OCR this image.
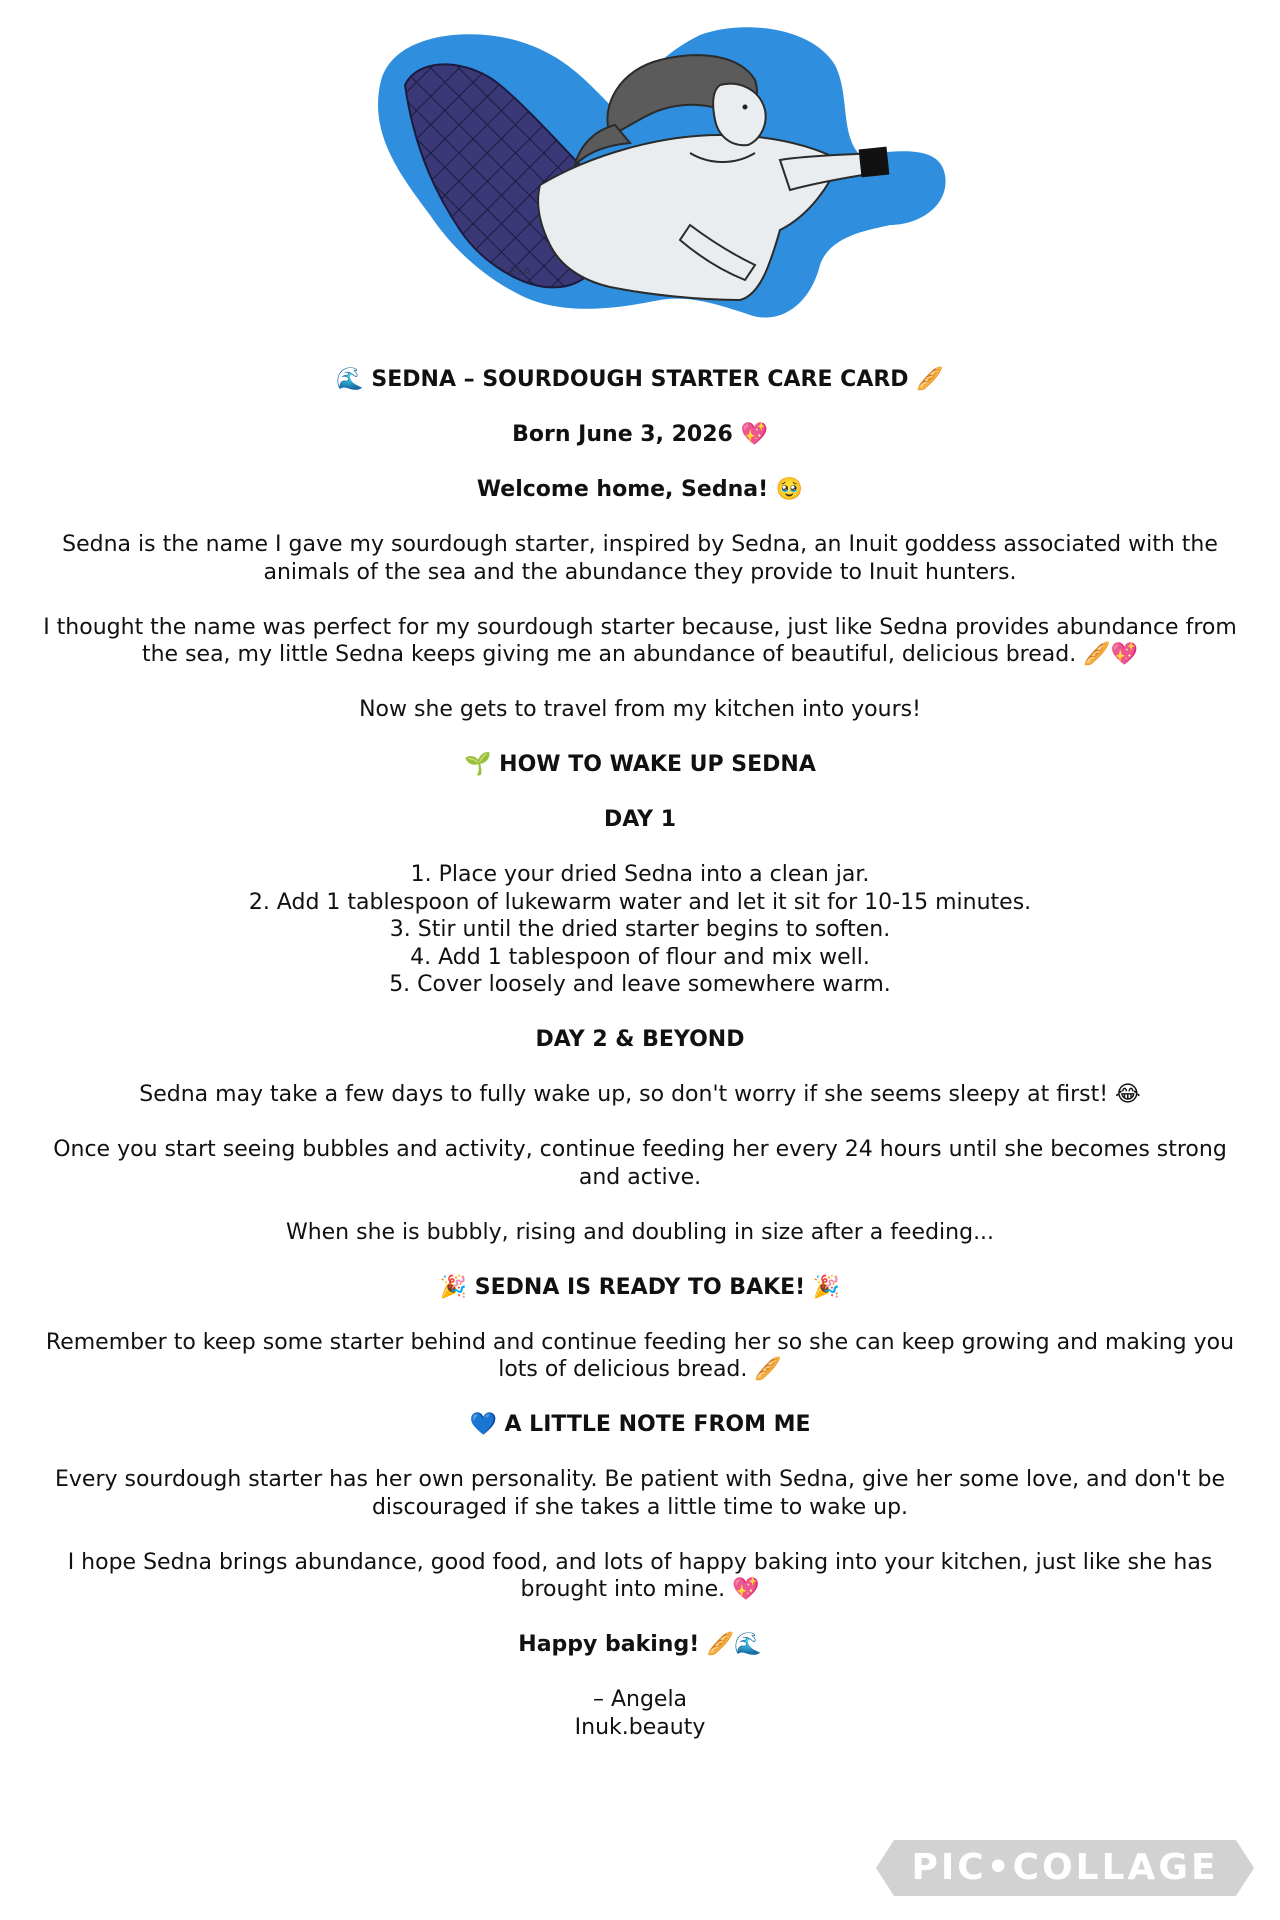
ELA

🌊 SEDNA – SOURDOUGH STARTER CARE CARD 🥖

Born June 3, 2026 💖

Welcome home, Sedna! 🥹

Sedna is the name I gave my sourdough starter, inspired by Sedna, an Inuit goddess associated with the animals of the sea and the abundance they provide to Inuit hunters.

I thought the name was perfect for my sourdough starter because, just like Sedna provides abundance from the sea, my little Sedna keeps giving me an abundance of beautiful, delicious bread. 🥖💖

Now she gets to travel from my kitchen into yours!

🌱 HOW TO WAKE UP SEDNA

DAY 1

1. Place your dried Sedna into a clean jar.
2. Add 1 tablespoon of lukewarm water and let it sit for 10-15 minutes.
3. Stir until the dried starter begins to soften.
4. Add 1 tablespoon of flour and mix well.
5. Cover loosely and leave somewhere warm.

DAY 2 & BEYOND

Sedna may take a few days to fully wake up, so don't worry if she seems sleepy at first! 😂

Once you start seeing bubbles and activity, continue feeding her every 24 hours until she becomes strong and active.

When she is bubbly, rising and doubling in size after a feeding...

🎉 SEDNA IS READY TO BAKE! 🎉

Remember to keep some starter behind and continue feeding her so she can keep growing and making you lots of delicious bread. 🥖

💙 A LITTLE NOTE FROM ME

Every sourdough starter has her own personality. Be patient with Sedna, give her some love, and don't be discouraged if she takes a little time to wake up.

I hope Sedna brings abundance, good food, and lots of happy baking into your kitchen, just like she has brought into mine. 💖

Happy baking! 🥖🌊

– Angela
Inuk.beauty

PIC•COLLAGE
